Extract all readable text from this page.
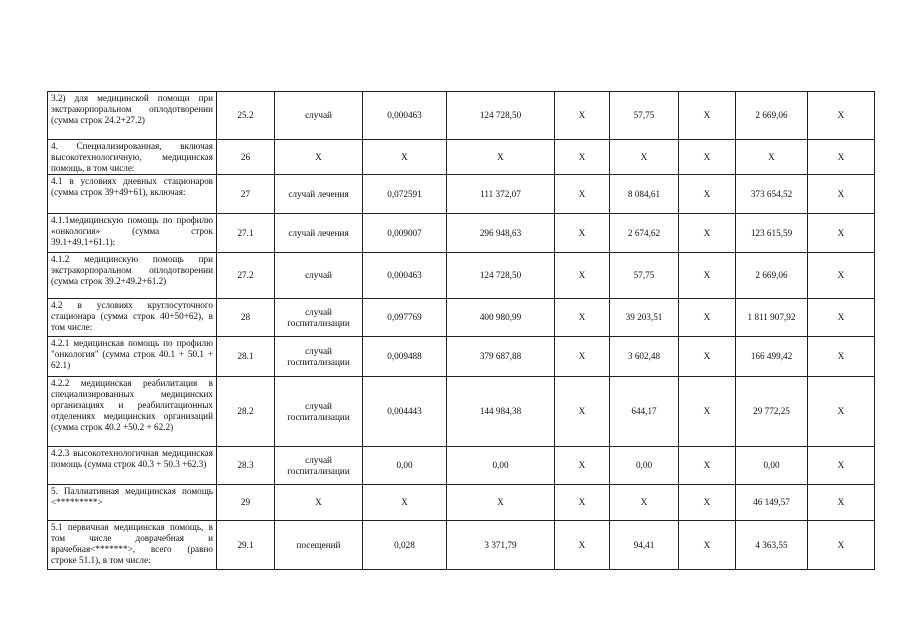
3.2) для медицинской помощи при экстракорпоральном оплодотворении (сумма строк 24.2+27.2)	25.2	случай	0,000463	124 728,50	X	57,75	X	2 669,06	X
4. Специализированная, включая высокотехнологичную, медицинская помощь, в том числе:	26	X	X	X	X	X	X	X	X
4.1 в условиях дневных стационаров (сумма строк 39+49+61), включая:	27	случай лечения	0,072591	111 372,07	X	8 084,61	X	373 654,52	X
4.1.1медицинскую помощь по профилю «онкология» (сумма строк 39.1+49.1+61.1):	27.1	случай лечения	0,009007	296 948,63	X	2 674,62	X	123 615,59	X
4.1.2 медицинскую помощь при экстракорпоральном оплодотворении (сумма строк 39.2+49.2+61.2)	27.2	случай	0,000463	124 728,50	X	57,75	X	2 669,06	X
4.2 в условиях круглосуточного стационара (сумма строк 40+50+62), в том числе:	28	случай госпитализации	0,097769	400 980,99	X	39 203,51	X	1 811 907,92	X
4.2.1 медицинская помощь по профилю "онкология" (сумма строк 40.1 + 50.1 + 62.1)	28.1	случай госпитализации	0,009488	379 687,88	X	3 602,48	X	166 499,42	X
4.2.2 медицинская реабилитация в специализированных медицинских организациях и реабилитационных отделениях медицинских организаций (сумма строк 40.2 +50.2 + 62.2)	28.2	случай госпитализации	0,004443	144 984,38	X	644,17	X	29 772,25	X
4.2.3 высокотехнологичная медицинская помощь (сумма строк 40.3 + 50.3 +62.3)	28.3	случай госпитализации	0,00	0,00	X	0,00	X	0,00	X
5. Паллиативная медицинская помощь <*********>	29	X	X	X	X	X	X	46 149,57	X
5.1 первичная медицинская помощь, в том числе доврачебная и врачебная<*******>, всего (равно строке 51.1), в том числе:	29.1	посещений	0,028	3 371,79	X	94,41	X	4 363,55	X
